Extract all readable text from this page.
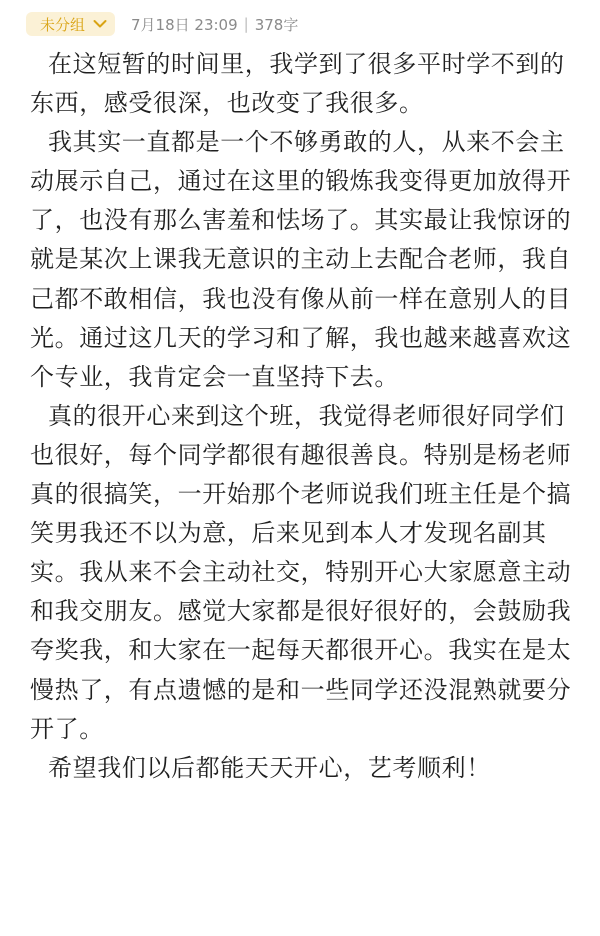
未分组	7月18日 23:09 | 378字

在这短暂的时间里，我学到了很多平时学不到的东西，感受很深，也改变了我很多。

我其实一直都是一个不够勇敢的人，从来不会主动展示自己，通过在这里的锻炼我变得更加放得开了，也没有那么害羞和怯场了。其实最让我惊讶的就是某次上课我无意识的主动上去配合老师，我自己都不敢相信，我也没有像从前一样在意别人的目光。通过这几天的学习和了解，我也越来越喜欢这个专业，我肯定会一直坚持下去。

真的很开心来到这个班，我觉得老师很好同学们也很好，每个同学都很有趣很善良。特别是杨老师真的很搞笑，一开始那个老师说我们班主任是个搞笑男我还不以为意，后来见到本人才发现名副其实。我从来不会主动社交，特别开心大家愿意主动和我交朋友。感觉大家都是很好很好的，会鼓励我夸奖我，和大家在一起每天都很开心。我实在是太慢热了，有点遗憾的是和一些同学还没混熟就要分开了。

希望我们以后都能天天开心，艺考顺利！
